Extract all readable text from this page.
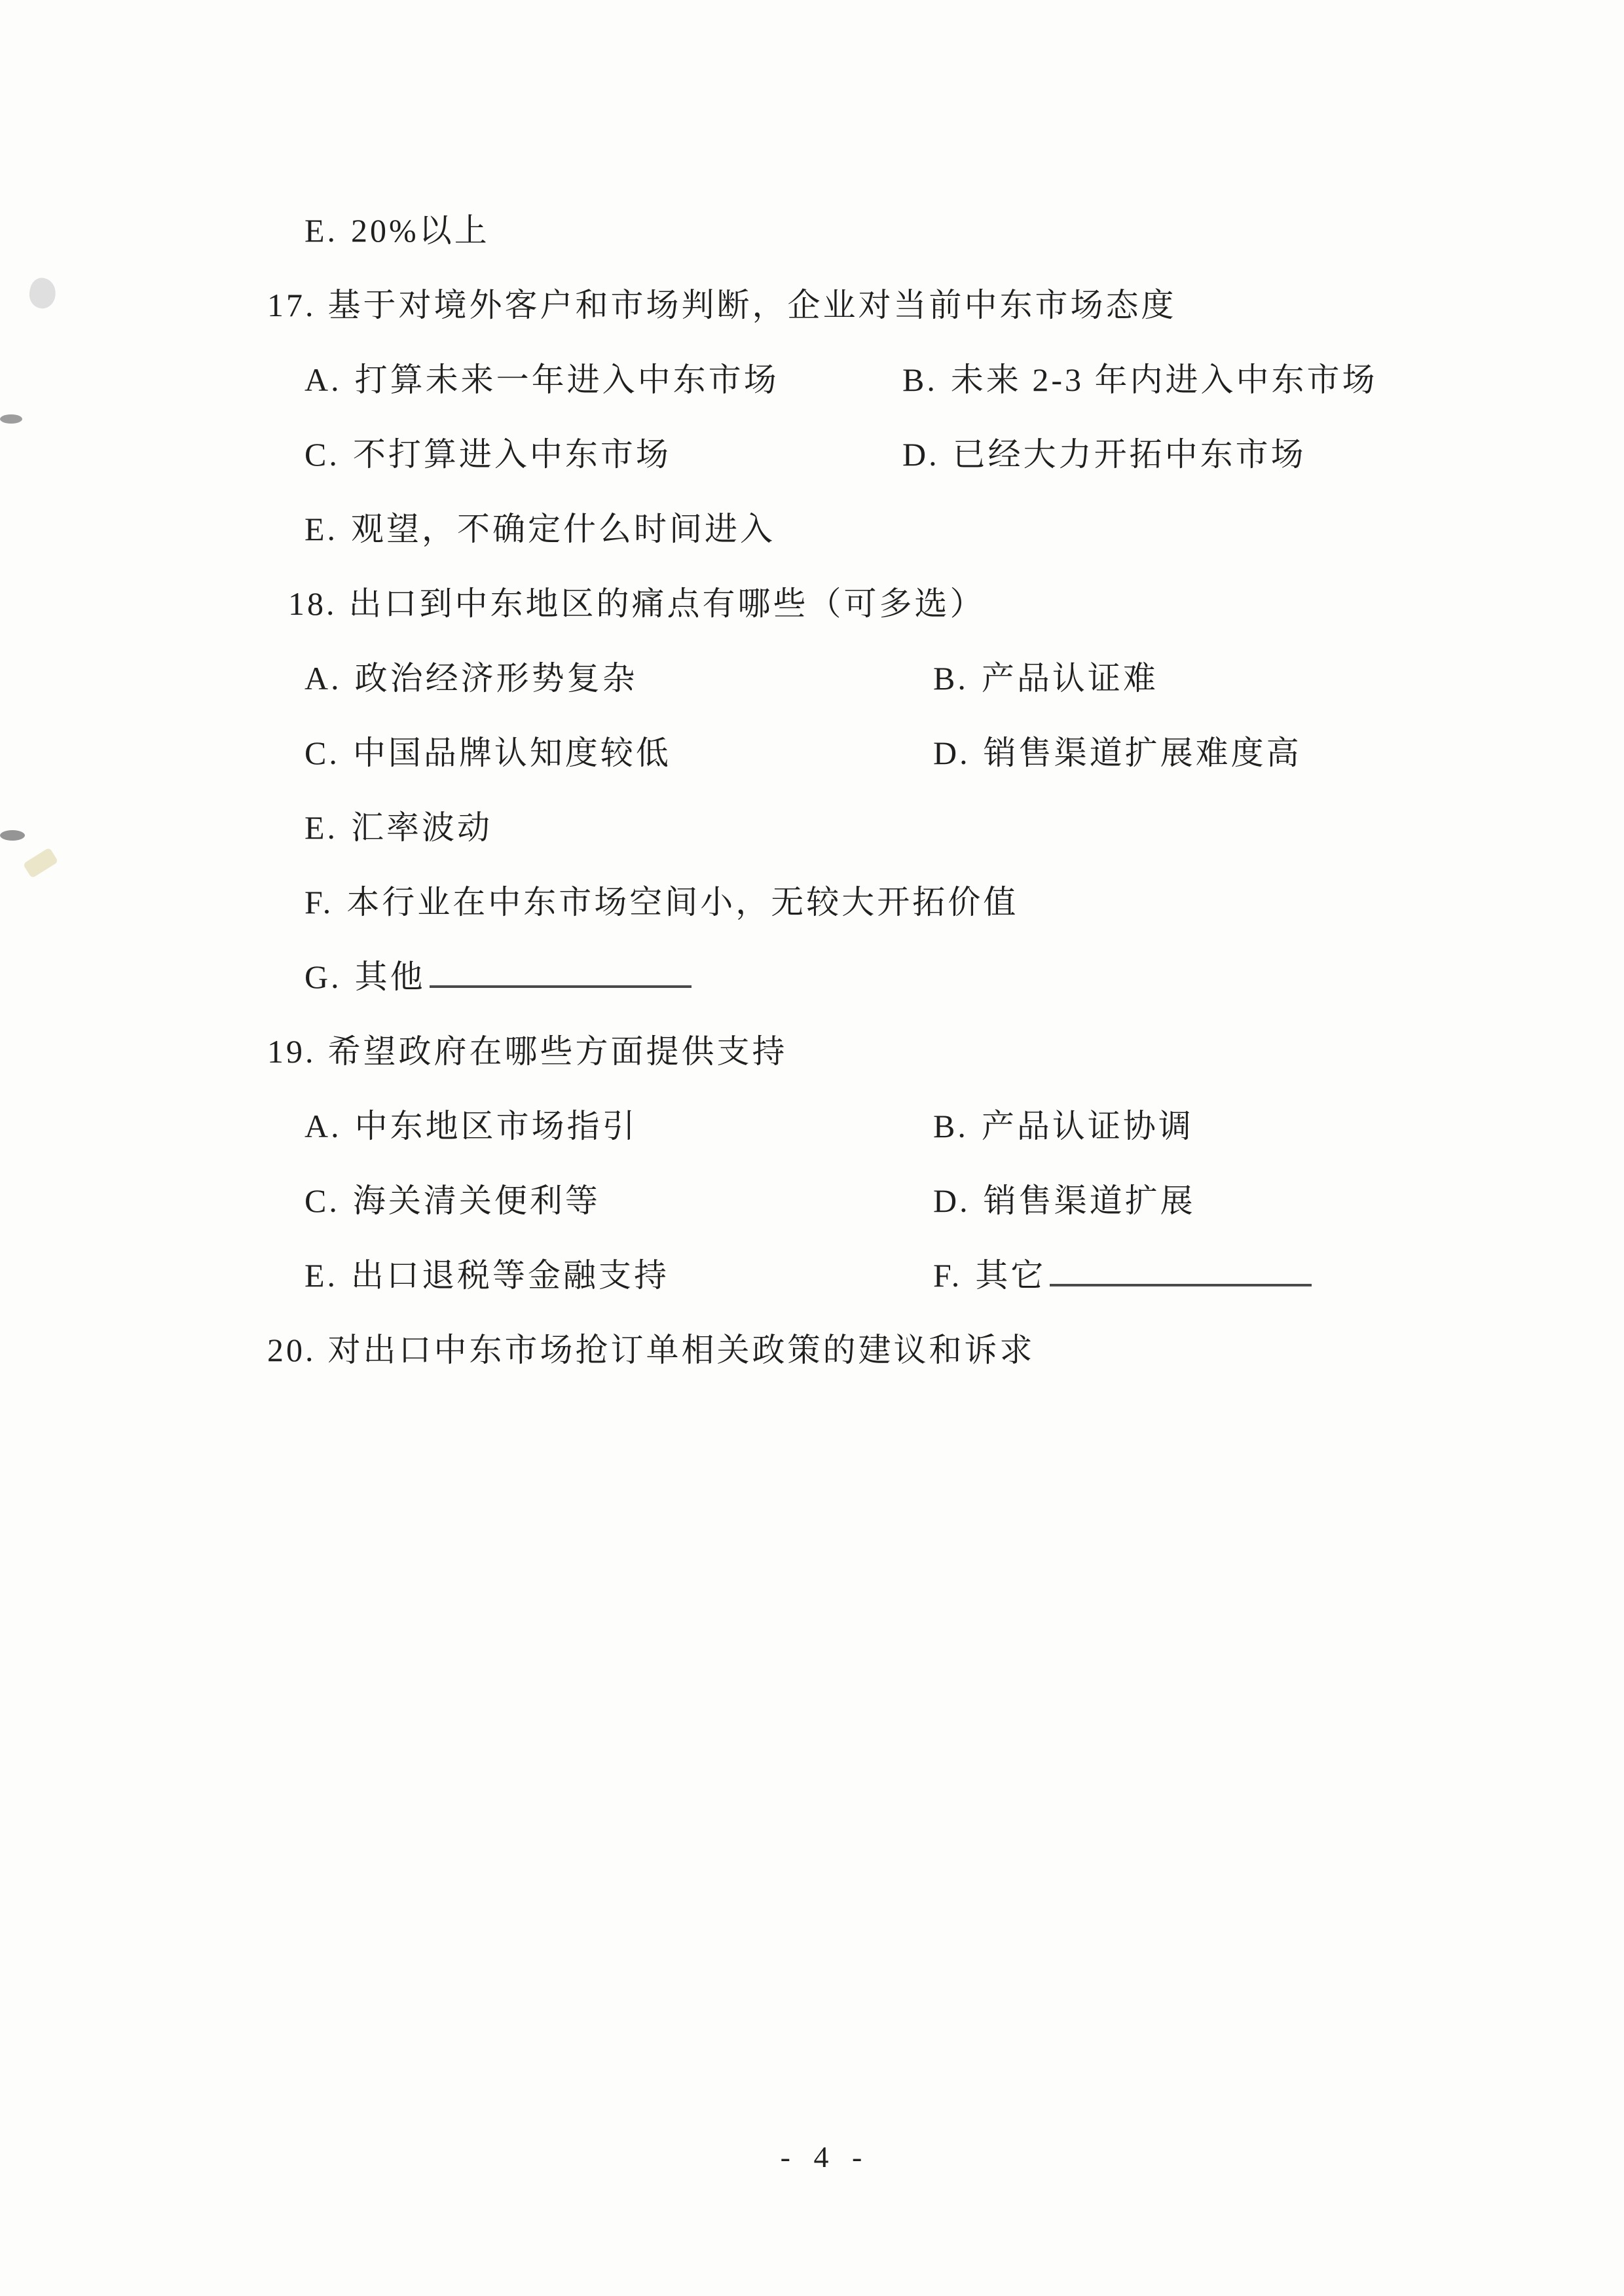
E. 20%以上
17. 基于对境外客户和市场判断，企业对当前中东市场态度
A. 打算未来一年进入中东市场	B. 未来 2-3 年内进入中东市场
C. 不打算进入中东市场	D. 已经大力开拓中东市场
E. 观望，不确定什么时间进入
18. 出口到中东地区的痛点有哪些（可多选）
A. 政治经济形势复杂	B. 产品认证难
C. 中国品牌认知度较低	D. 销售渠道扩展难度高
E. 汇率波动
F. 本行业在中东市场空间小，无较大开拓价值
G. 其他
19. 希望政府在哪些方面提供支持
A. 中东地区市场指引	B. 产品认证协调
C. 海关清关便利等	D. 销售渠道扩展
E. 出口退税等金融支持	F. 其它
20. 对出口中东市场抢订单相关政策的建议和诉求
- 4 -
